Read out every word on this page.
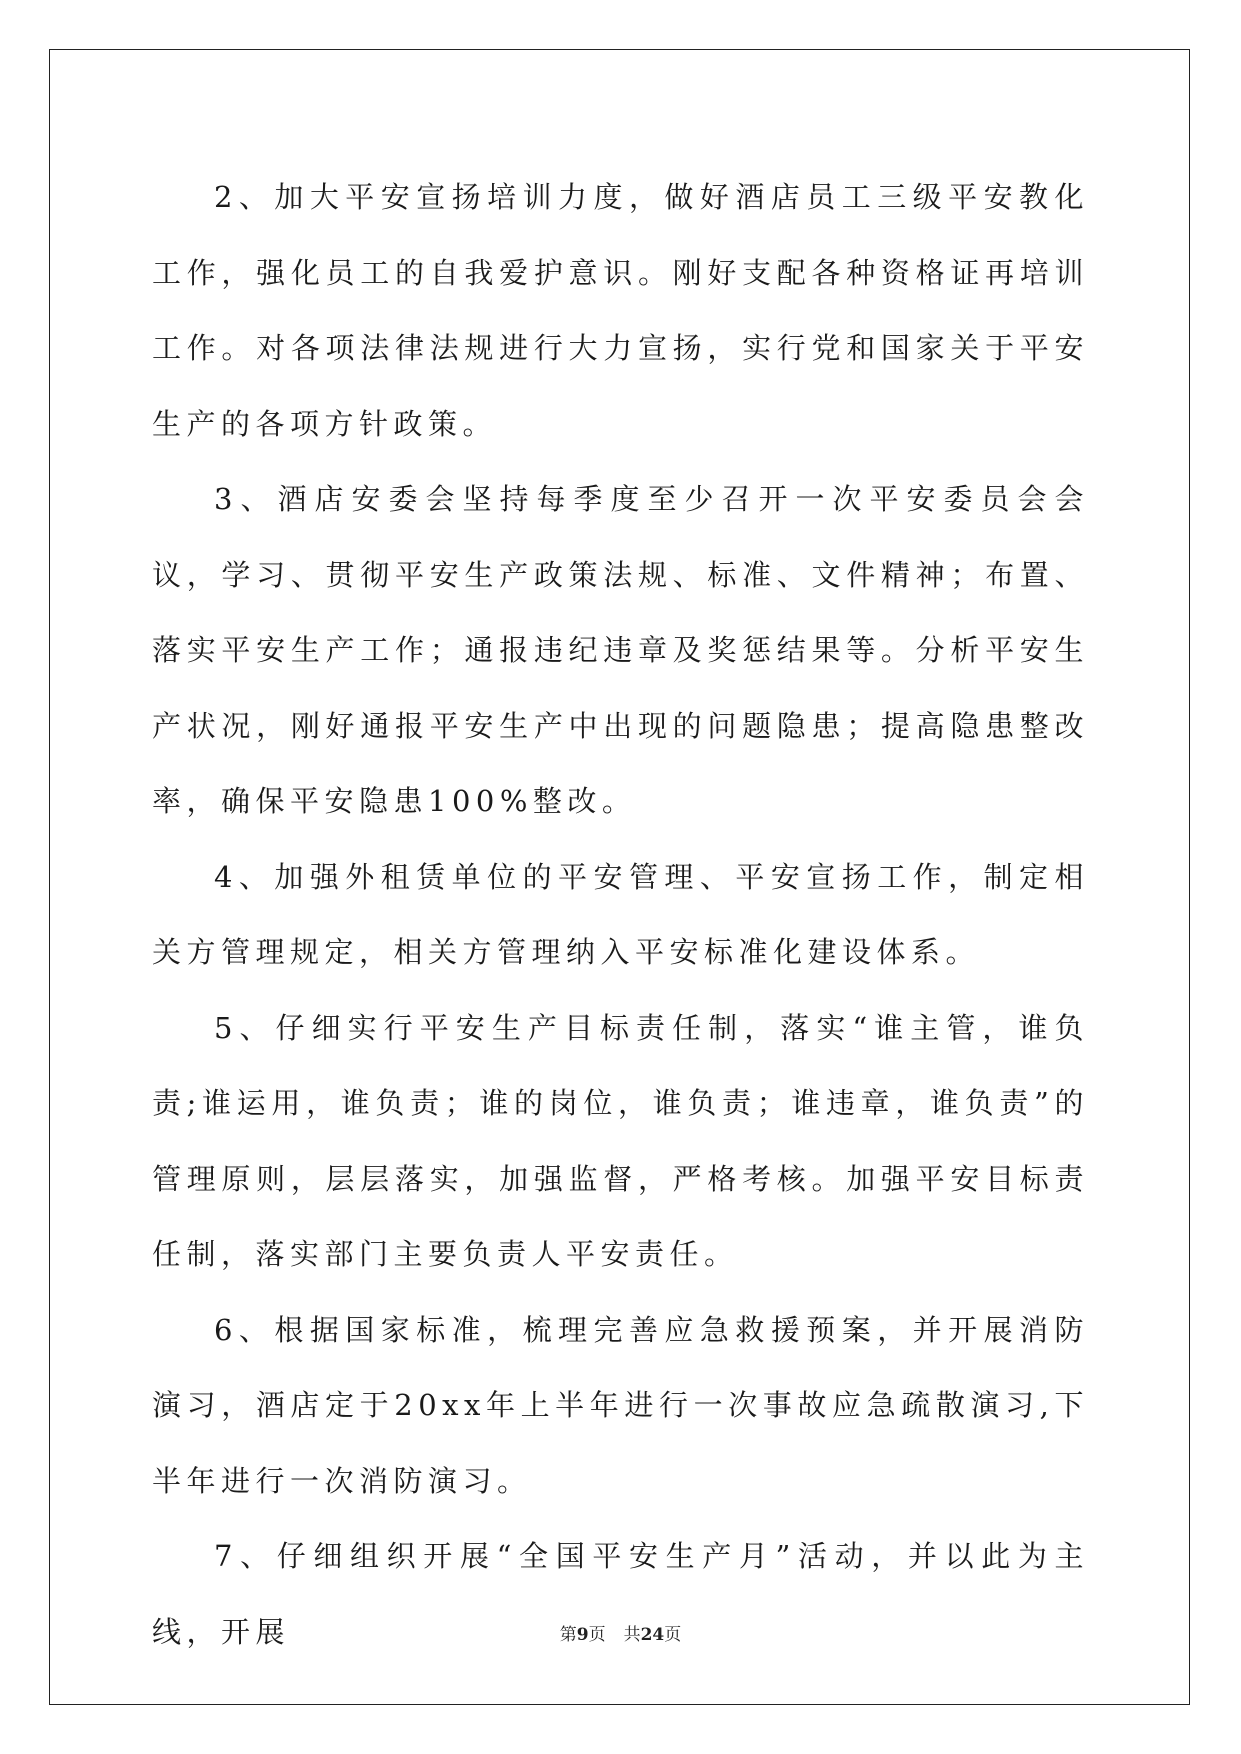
2、加大平安宣扬培训力度，做好酒店员工三级平安教化工作，强化员工的自我爱护意识。刚好支配各种资格证再培训工作。对各项法律法规进行大力宣扬，实行党和国家关于平安生产的各项方针政策。

3、酒店安委会坚持每季度至少召开一次平安委员会会议，学习、贯彻平安生产政策法规、标准、文件精神；布置、落实平安生产工作；通报违纪违章及奖惩结果等。分析平安生产状况，刚好通报平安生产中出现的问题隐患；提高隐患整改率，确保平安隐患100%整改。

4、加强外租赁单位的平安管理、平安宣扬工作，制定相关方管理规定，相关方管理纳入平安标准化建设体系。

5、仔细实行平安生产目标责任制，落实“谁主管，谁负责;谁运用，谁负责；谁的岗位，谁负责；谁违章，谁负责”的管理原则，层层落实，加强监督，严格考核。加强平安目标责任制，落实部门主要负责人平安责任。

6、根据国家标准，梳理完善应急救援预案，并开展消防演习，酒店定于20xx年上半年进行一次事故应急疏散演习,下半年进行一次消防演习。

7、仔细组织开展“全国平安生产月”活动，并以此为主线，开展	第9页 共24页
